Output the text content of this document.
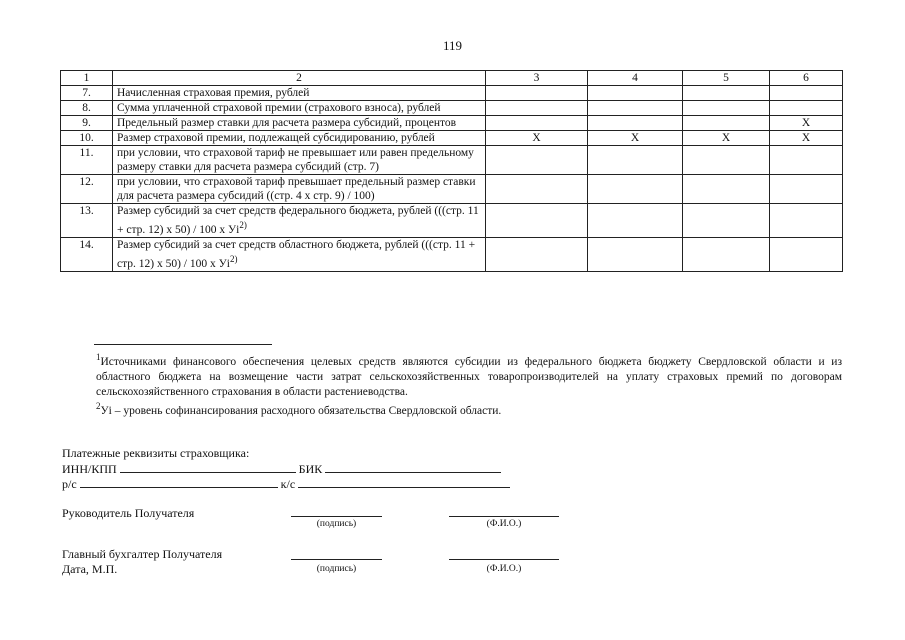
119
1	2	3	4	5	6
7.	Начисленная страховая премия, рублей				
8.	Сумма уплаченной страховой премии (страхового взноса), рублей				
9.	Предельный размер ставки для расчета размера субсидий, процентов				X
10.	Размер страховой премии, подлежащей субсидированию, рублей	X	X	X	X
11.	при условии, что страховой тариф не превышает или равен предельному размеру ставки для расчета размера субсидий (стр. 7)				
12.	при условии, что страховой тариф превышает предельный размер ставки для расчета размера субсидий ((стр. 4 х стр. 9) / 100)				
13.	Размер субсидий за счет средств федерального бюджета, рублей (((стр. 11 + стр. 12) х 50) / 100 х $Уi^{2)}$				
14.	Размер субсидий за счет средств областного бюджета, рублей (((стр. 11 + стр. 12) х 50) / 100 х $Уi^{2)}$				
$^1$Источниками финансового обеспечения целевых средств являются субсидии из федерального бюджета бюджету Свердловской области и из областного бюджета на возмещение части затрат сельскохозяйственных товаропроизводителей на уплату страховых премий по договорам сельскохозяйственного страхования в области растениеводства.
$^2$Уi – уровень софинансирования расходного обязательства Свердловской области.
Платежные реквизиты страховщика:
ИНН/КПП	БИК
р/с	к/с
Руководитель Получателя
(подпись)	(Ф.И.О.)
Главный бухгалтер Получателя
Дата, М.П.	(подпись)	(Ф.И.О.)
